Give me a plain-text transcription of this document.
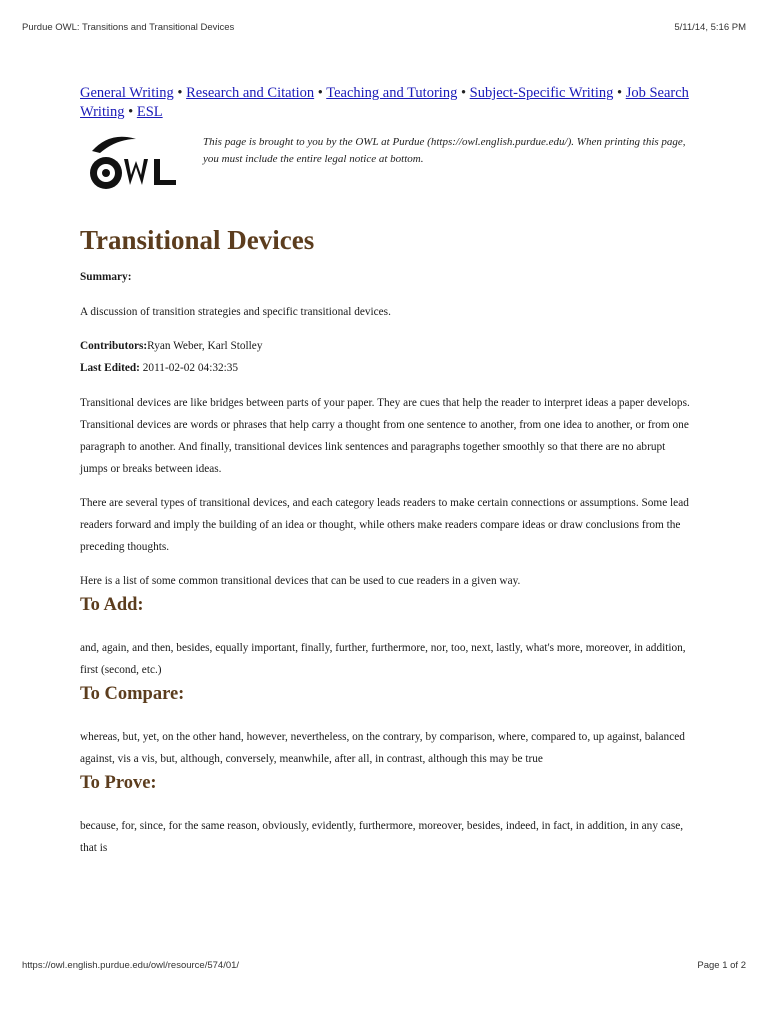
Purdue OWL: Transitions and Transitional Devices	5/11/14, 5:16 PM
General Writing • Research and Citation • Teaching and Tutoring • Subject-Specific Writing • Job Search Writing • ESL
This page is brought to you by the OWL at Purdue (https://owl.english.purdue.edu/). When printing this page, you must include the entire legal notice at bottom.
Transitional Devices

Summary:

A discussion of transition strategies and specific transitional devices.

Contributors:Ryan Weber, Karl Stolley

Last Edited: 2011-02-02 04:32:35

Transitional devices are like bridges between parts of your paper. They are cues that help the reader to interpret ideas a paper develops. Transitional devices are words or phrases that help carry a thought from one sentence to another, from one idea to another, or from one paragraph to another. And finally, transitional devices link sentences and paragraphs together smoothly so that there are no abrupt jumps or breaks between ideas.

There are several types of transitional devices, and each category leads readers to make certain connections or assumptions. Some lead readers forward and imply the building of an idea or thought, while others make readers compare ideas or draw conclusions from the preceding thoughts.

Here is a list of some common transitional devices that can be used to cue readers in a given way.

To Add:

and, again, and then, besides, equally important, finally, further, furthermore, nor, too, next, lastly, what's more, moreover, in addition, first (second, etc.)

To Compare:

whereas, but, yet, on the other hand, however, nevertheless, on the contrary, by comparison, where, compared to, up against, balanced against, vis a vis, but, although, conversely, meanwhile, after all, in contrast, although this may be true

To Prove:

because, for, since, for the same reason, obviously, evidently, furthermore, moreover, besides, indeed, in fact, in addition, in any case, that is

https://owl.english.purdue.edu/owl/resource/574/01/	Page 1 of 2
